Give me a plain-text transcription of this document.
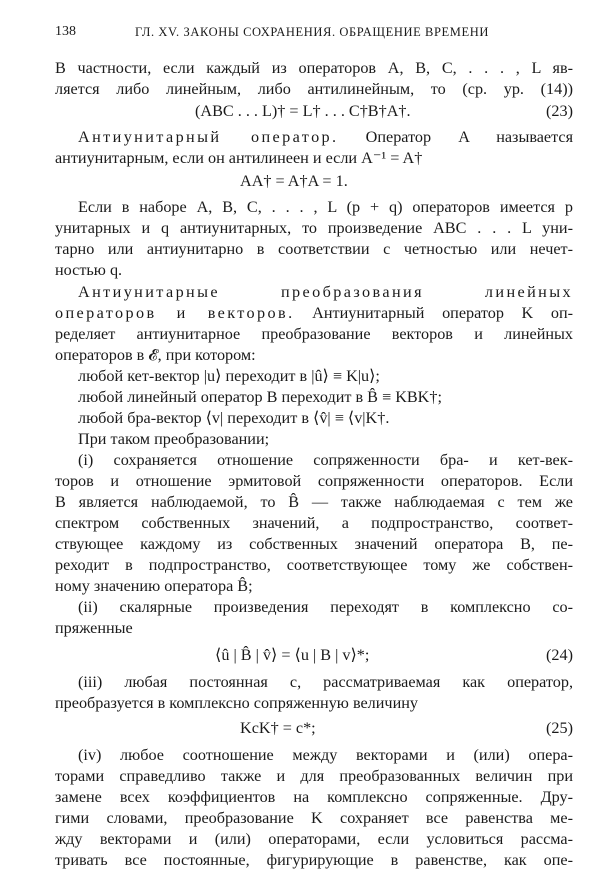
138	ГЛ. XV. ЗАКОНЫ СОХРАНЕНИЯ. ОБРАЩЕНИЕ ВРЕМЕНИ
В частности, если каждый из операторов A, B, C, . . . , L яв-
ляется либо линейным, либо антилинейным, то (ср. ур. (14))
(ABC . . . L)† = L† . . . C†B†A†.	(23)
Антиунитарный оператор. Оператор A называется
антиунитарным, если он антилинеен и если A⁻¹ = A†
AA† = A†A = 1.
Если в наборе A, B, C, . . . , L (p + q) операторов имеется p
унитарных и q антиунитарных, то произведение ABC . . . L уни-
тарно или антиунитарно в соответствии с четностью или нечет-
ностью q.
Антиунитарные преобразования линейных
операторов и векторов. Антиунитарный оператор K оп-
ределяет антиунитарное преобразование векторов и линейных
операторов в 𝓔, при котором:
любой кет-вектор |u⟩ переходит в |û⟩ ≡ K|u⟩;
любой линейный оператор B переходит в B̂ ≡ KBK†;
любой бра-вектор ⟨v| переходит в ⟨v̂| ≡ ⟨v|K†.
При таком преобразовании;
(i) сохраняется отношение сопряженности бра- и кет-век-
торов и отношение эрмитовой сопряженности операторов. Если
B является наблюдаемой, то B̂ — также наблюдаемая с тем же
спектром собственных значений, а подпространство, соответ-
ствующее каждому из собственных значений оператора B, пе-
реходит в подпространство, соответствующее тому же собствен-
ному значению оператора B̂;
(ii) скалярные произведения переходят в комплексно со-
пряженные
⟨û | B̂ | v̂⟩ = ⟨u | B | v⟩*;	(24)
(iii) любая постоянная c, рассматриваемая как оператор,
преобразуется в комплексно сопряженную величину
KcK† = c*;	(25)
(iv) любое соотношение между векторами и (или) опера-
торами справедливо также и для преобразованных величин при
замене всех коэффициентов на комплексно сопряженные. Дру-
гими словами, преобразование K сохраняет все равенства ме-
жду векторами и (или) операторами, если условиться рассма-
тривать все постоянные, фигурирующие в равенстве, как опе-
